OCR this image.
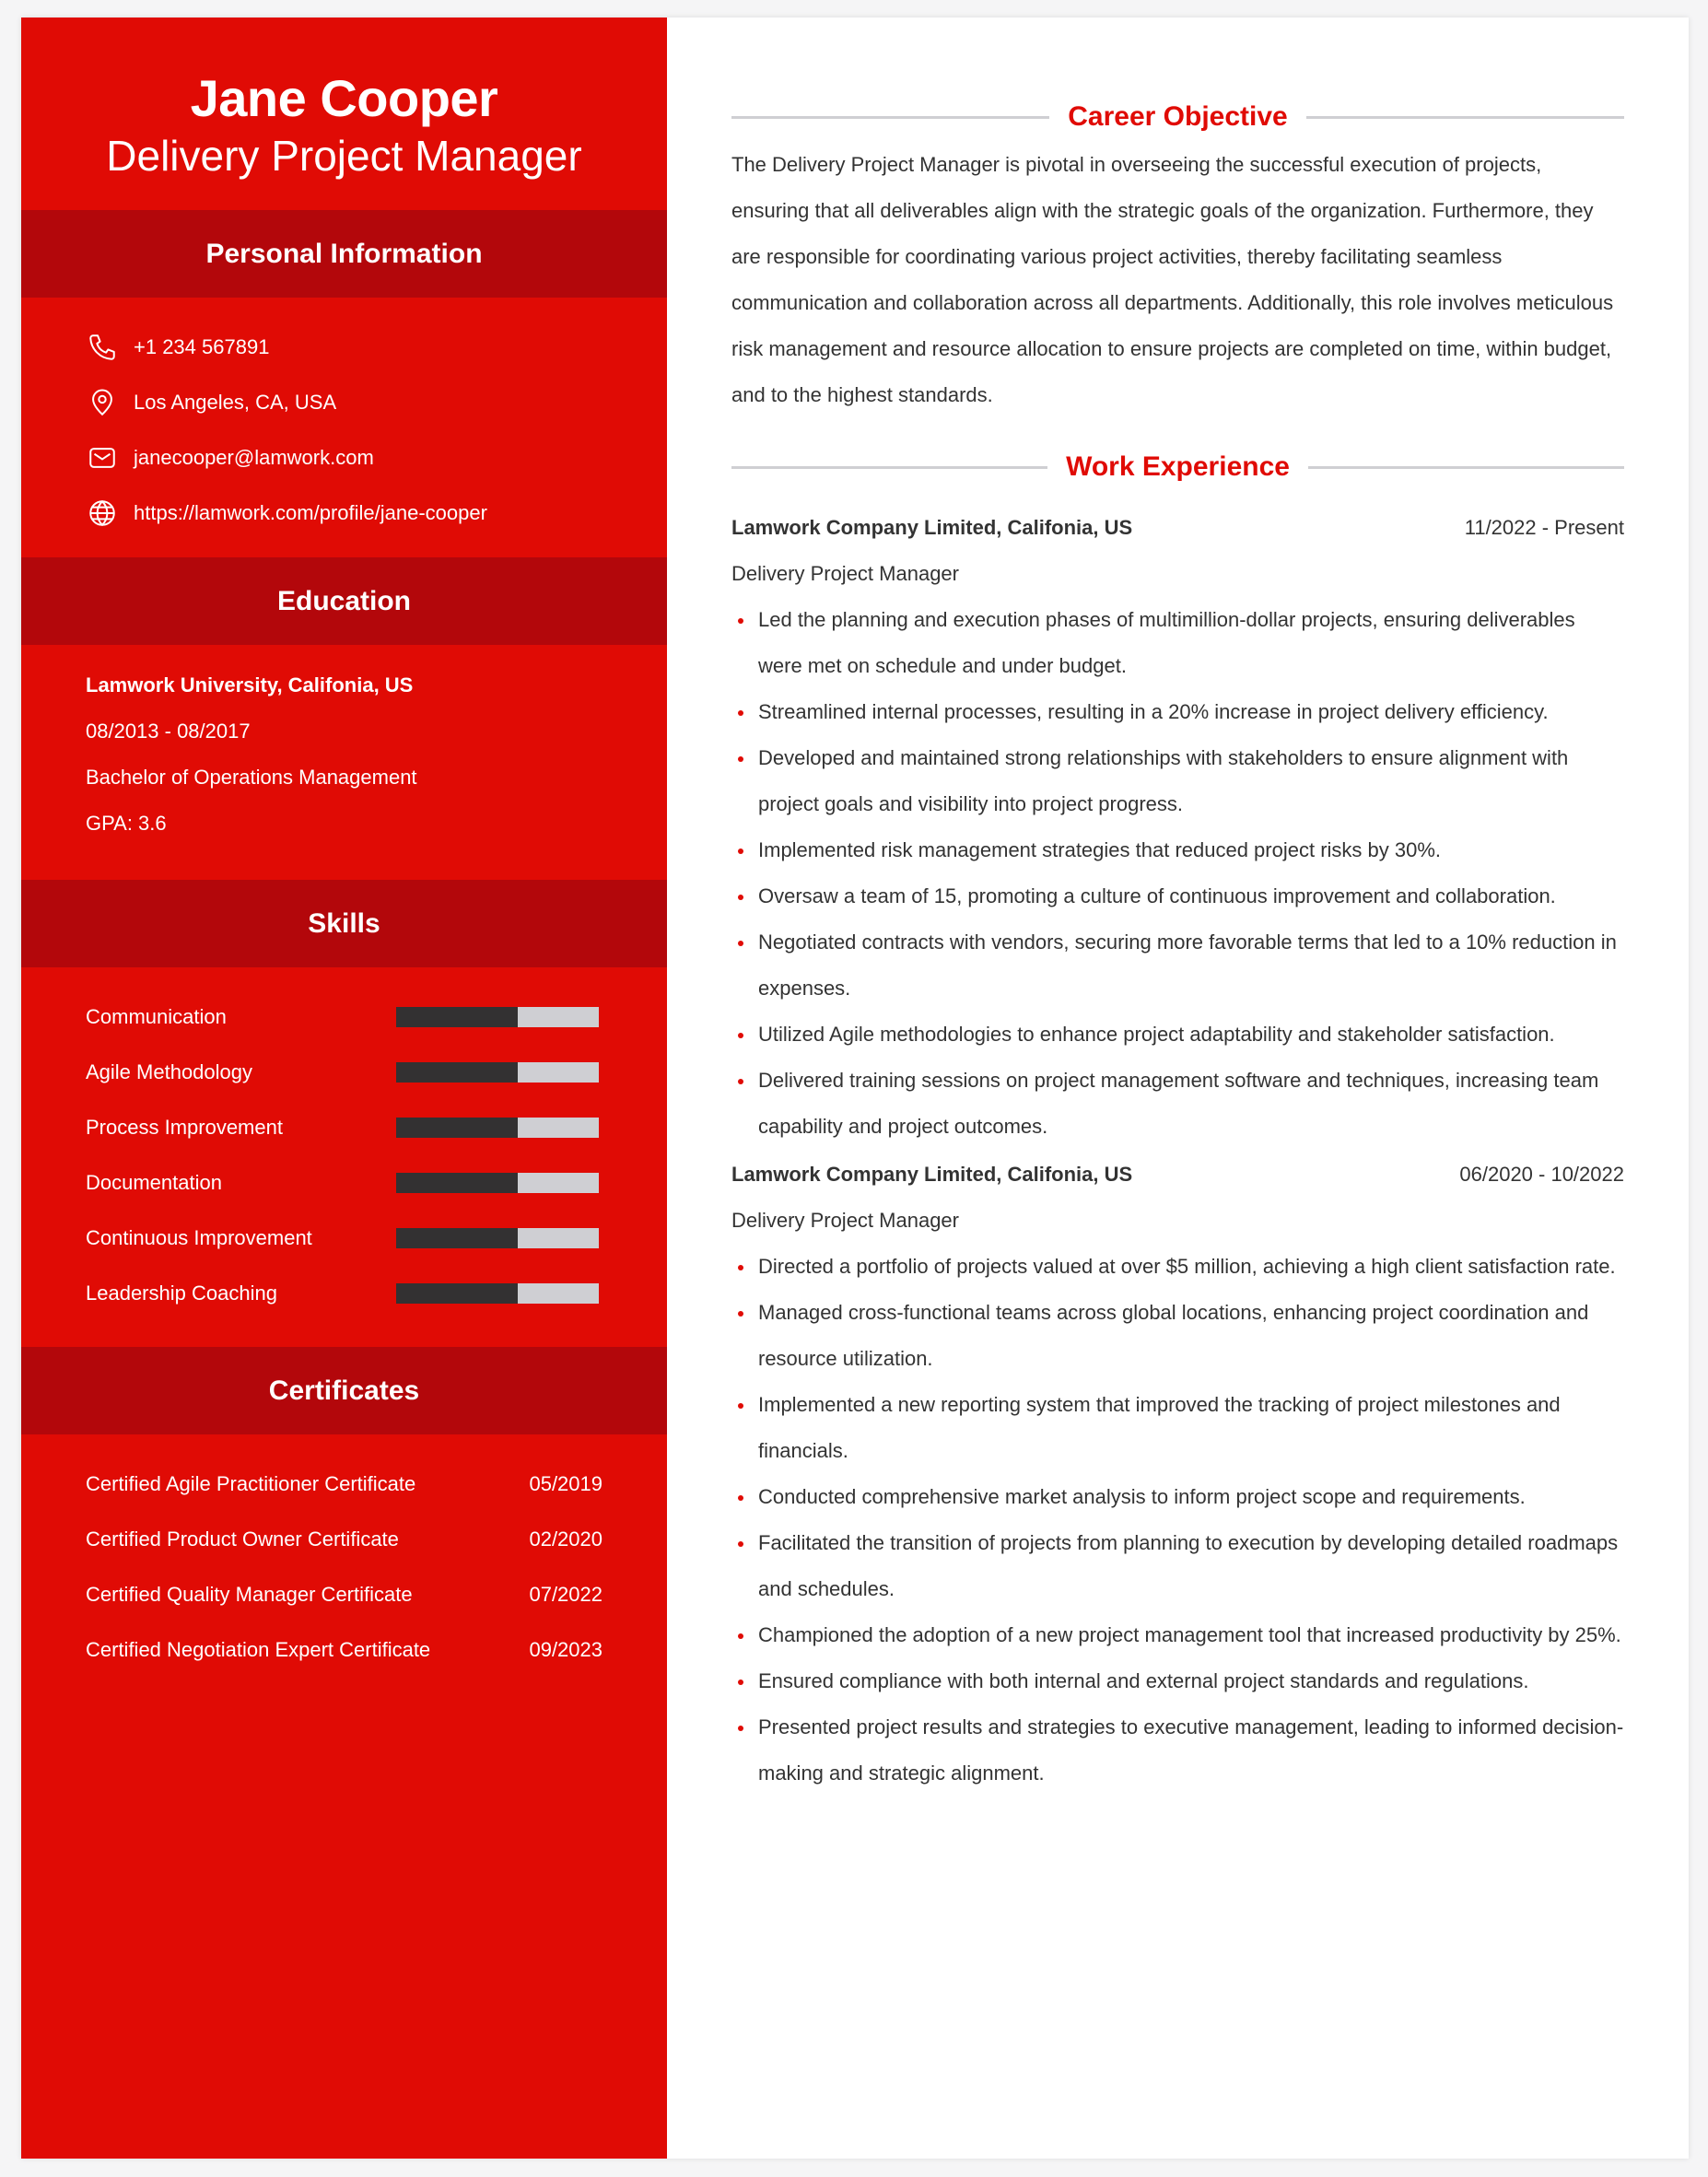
Jane Cooper
Delivery Project Manager
Personal Information
+1 234 567891
Los Angeles, CA, USA
janecooper@lamwork.com
https://lamwork.com/profile/jane-cooper
Education
Lamwork University, Califonia, US
08/2013 - 08/2017
Bachelor of Operations Management
GPA: 3.6
Skills
Communication
Agile Methodology
Process Improvement
Documentation
Continuous Improvement
Leadership Coaching
Certificates
Certified Agile Practitioner Certificate	05/2019
Certified Product Owner Certificate	02/2020
Certified Quality Manager Certificate	07/2022
Certified Negotiation Expert Certificate	09/2023
Career Objective
The Delivery Project Manager is pivotal in overseeing the successful execution of projects, ensuring that all deliverables align with the strategic goals of the organization. Furthermore, they are responsible for coordinating various project activities, thereby facilitating seamless communication and collaboration across all departments. Additionally, this role involves meticulous risk management and resource allocation to ensure projects are completed on time, within budget, and to the highest standards.
Work Experience
Lamwork Company Limited, Califonia, US	11/2022 - Present
Delivery Project Manager
Led the planning and execution phases of multimillion-dollar projects, ensuring deliverables were met on schedule and under budget.
Streamlined internal processes, resulting in a 20% increase in project delivery efficiency.
Developed and maintained strong relationships with stakeholders to ensure alignment with project goals and visibility into project progress.
Implemented risk management strategies that reduced project risks by 30%.
Oversaw a team of 15, promoting a culture of continuous improvement and collaboration.
Negotiated contracts with vendors, securing more favorable terms that led to a 10% reduction in expenses.
Utilized Agile methodologies to enhance project adaptability and stakeholder satisfaction.
Delivered training sessions on project management software and techniques, increasing team capability and project outcomes.
Lamwork Company Limited, Califonia, US	06/2020 - 10/2022
Delivery Project Manager
Directed a portfolio of projects valued at over $5 million, achieving a high client satisfaction rate.
Managed cross-functional teams across global locations, enhancing project coordination and resource utilization.
Implemented a new reporting system that improved the tracking of project milestones and financials.
Conducted comprehensive market analysis to inform project scope and requirements.
Facilitated the transition of projects from planning to execution by developing detailed roadmaps and schedules.
Championed the adoption of a new project management tool that increased productivity by 25%.
Ensured compliance with both internal and external project standards and regulations.
Presented project results and strategies to executive management, leading to informed decision-making and strategic alignment.
